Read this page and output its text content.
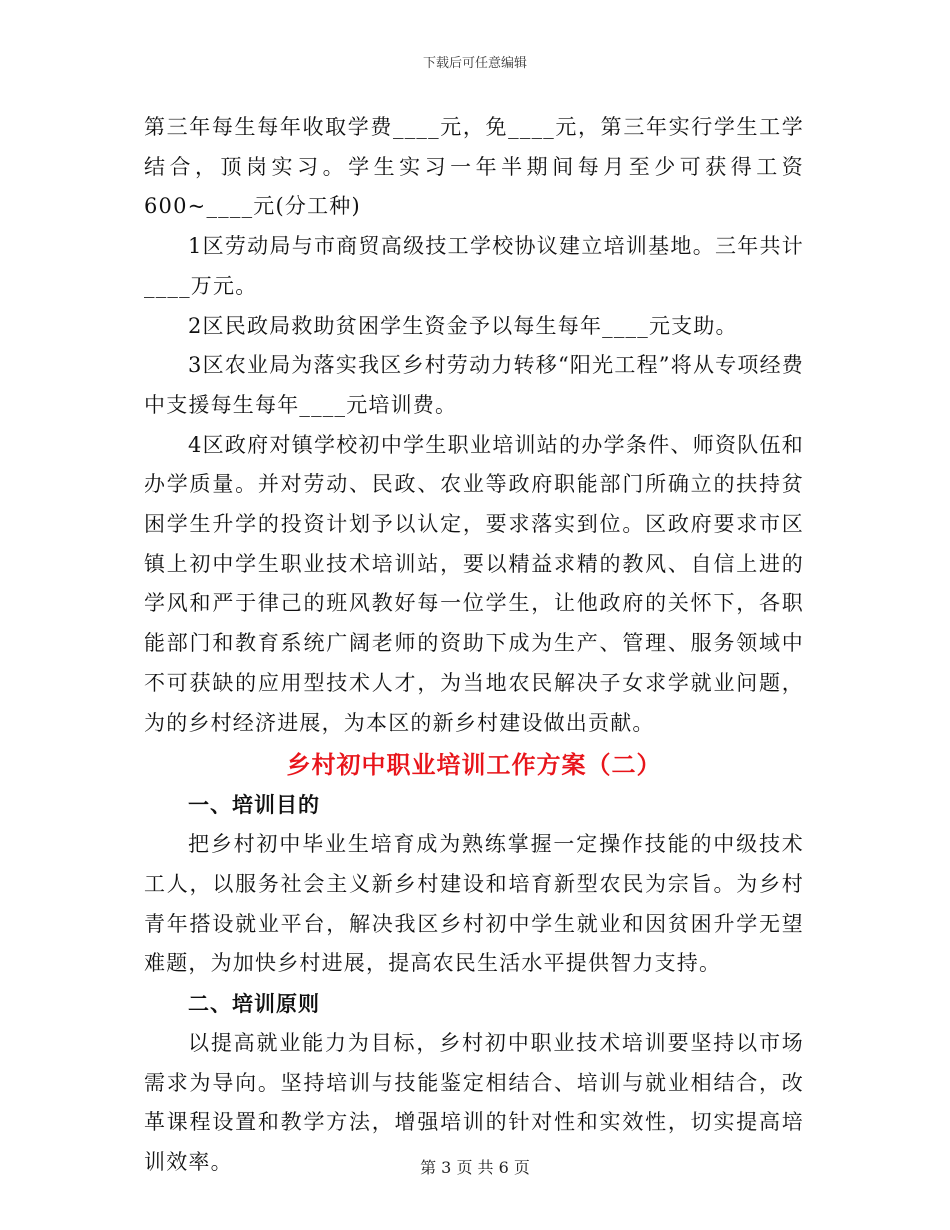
下载后可任意编辑

第三年每生每年收取学费____元，免____元，第三年实行学生工学结合，顶岗实习。学生实习一年半期间每月至少可获得工资600~____元(分工种)

1区劳动局与市商贸高级技工学校协议建立培训基地。三年共计____万元。

2区民政局救助贫困学生资金予以每生每年____元支助。

3区农业局为落实我区乡村劳动力转移“阳光工程”将从专项经费中支援每生每年____元培训费。

4区政府对镇学校初中学生职业培训站的办学条件、师资队伍和办学质量。并对劳动、民政、农业等政府职能部门所确立的扶持贫困学生升学的投资计划予以认定，要求落实到位。区政府要求市区镇上初中学生职业技术培训站，要以精益求精的教风、自信上进的学风和严于律己的班风教好每一位学生，让他政府的关怀下，各职能部门和教育系统广阔老师的资助下成为生产、管理、服务领域中不可获缺的应用型技术人才，为当地农民解决子女求学就业问题，为的乡村经济进展，为本区的新乡村建设做出贡献。

乡村初中职业培训工作方案（二）
一、培训目的

把乡村初中毕业生培育成为熟练掌握一定操作技能的中级技术工人，以服务社会主义新乡村建设和培育新型农民为宗旨。为乡村青年搭设就业平台，解决我区乡村初中学生就业和因贫困升学无望难题，为加快乡村进展，提高农民生活水平提供智力支持。

二、培训原则

以提高就业能力为目标，乡村初中职业技术培训要坚持以市场需求为导向。坚持培训与技能鉴定相结合、培训与就业相结合，改革课程设置和教学方法，增强培训的针对性和实效性，切实提高培训效率。	第 3 页 共 6 页
